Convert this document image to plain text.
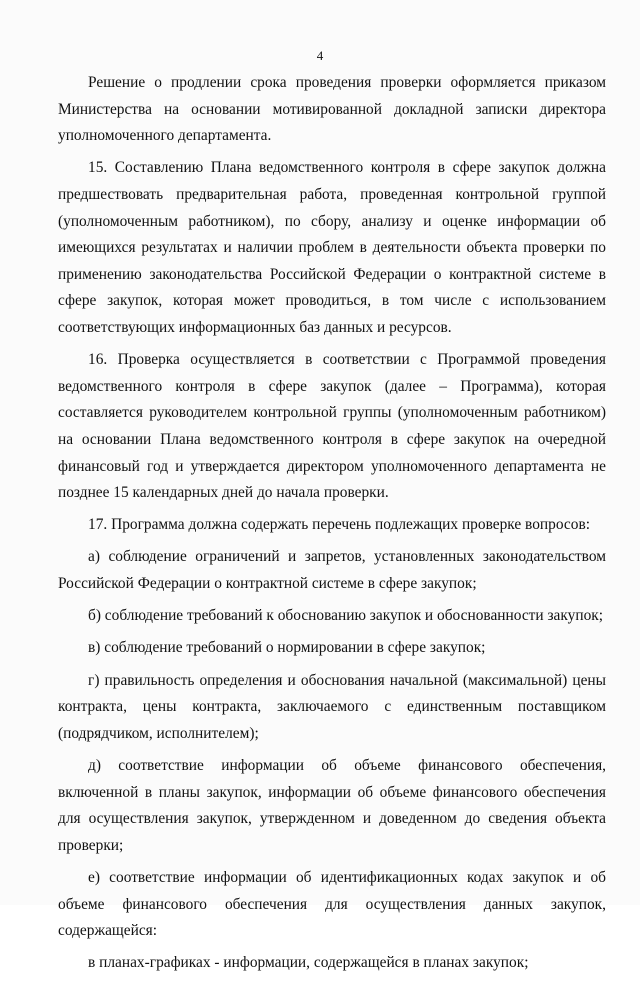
4

Решение о продлении срока проведения проверки оформляется приказом Министерства на основании мотивированной докладной записки директора уполномоченного департамента.

15. Составлению Плана ведомственного контроля в сфере закупок должна предшествовать предварительная работа, проведенная контрольной группой (уполномоченным работником), по сбору, анализу и оценке информации об имеющихся результатах и наличии проблем в деятельности объекта проверки по применению законодательства Российской Федерации о контрактной системе в сфере закупок, которая может проводиться, в том числе с использованием соответствующих информационных баз данных и ресурсов.

16. Проверка осуществляется в соответствии с Программой проведения ведомственного контроля в сфере закупок (далее – Программа), которая составляется руководителем контрольной группы (уполномоченным работником) на основании Плана ведомственного контроля в сфере закупок на очередной финансовый год и утверждается директором уполномоченного департамента не позднее 15 календарных дней до начала проверки.

17. Программа должна содержать перечень подлежащих проверке вопросов:

а) соблюдение ограничений и запретов, установленных законодательством Российской Федерации о контрактной системе в сфере закупок;

б) соблюдение требований к обоснованию закупок и обоснованности закупок;

в) соблюдение требований о нормировании в сфере закупок;

г) правильность определения и обоснования начальной (максимальной) цены контракта, цены контракта, заключаемого с единственным поставщиком (подрядчиком, исполнителем);

д) соответствие информации об объеме финансового обеспечения, включенной в планы закупок, информации об объеме финансового обеспечения для осуществления закупок, утвержденном и доведенном до сведения объекта проверки;

е) соответствие информации об идентификационных кодах закупок и об объеме финансового обеспечения для осуществления данных закупок, содержащейся:

в планах-графиках - информации, содержащейся в планах закупок;
